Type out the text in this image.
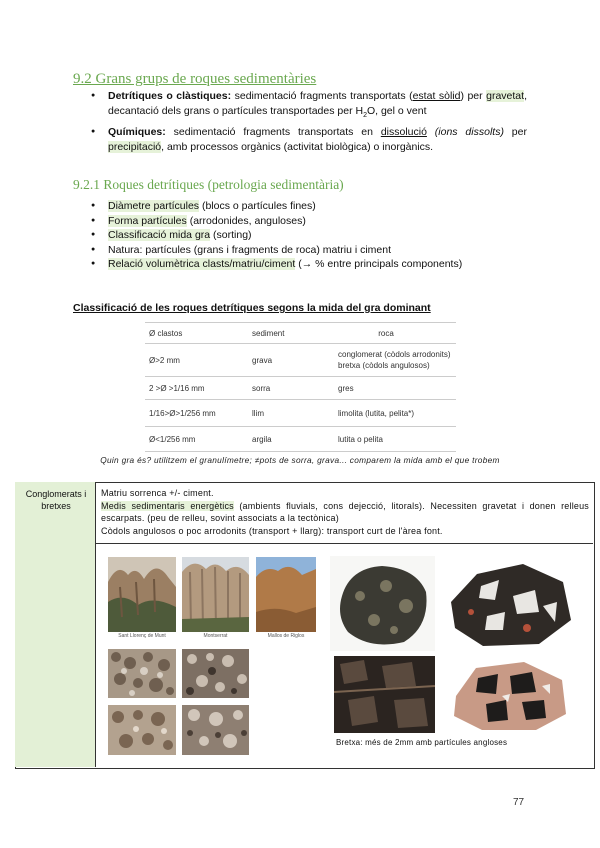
9.2 Grans grups de roques sedimentàries
● Detrítiques o clàstiques: sedimentació fragments transportats (estat sòlid) per gravetat, decantació dels grans o partícules transportades per $H_2O$, gel o vent
● Químiques: sedimentació fragments transportats en dissolució (ions dissolts) per precipitació, amb processos orgànics (activitat biològica) o inorgànics.
9.2.1 Roques detrítiques (petrologia sedimentària)
● Diàmetre partícules (blocs o partícules fines)
● Forma partícules (arrodonides, anguloses)
● Classificació mida gra (sorting)
● Natura: partícules (grans i fragments de roca) matriu i ciment
● Relació volumètrica clasts/matriu/ciment (→ % entre principals components)
Classificació de les roques detrítiques segons la mida del gra dominant
Ø clastos	sediment	roca
Ø>2 mm	grava	conglomerat (còdols arrodonits)
bretxa (còdols angulosos)
2 >Ø >1/16 mm	sorra	gres
1/16>Ø>1/256 mm	llim	limolita (lutita, pelita*)
Ø<1/256 mm	argila	lutita o pelita
Quin gra és? utilitzem el granulímetre; ≠pots de sorra, grava... comparem la mida amb el que trobem
Conglomerats i bretxes
Matriu sorrenca +/- ciment.
Medis sedimentaris energètics (ambients fluvials, cons dejecció, litorals). Necessiten gravetat i donen relleus escarpats. (peu de relleu, sovint associats a la tectònica)
Còdols angulosos o poc arrodonits (transport + llarg): transport curt de l'àrea font.
Sant Llorenç de Munt	Montserrat	Mallos de Riglos
Bretxa: més de 2mm amb partícules angloses
77
